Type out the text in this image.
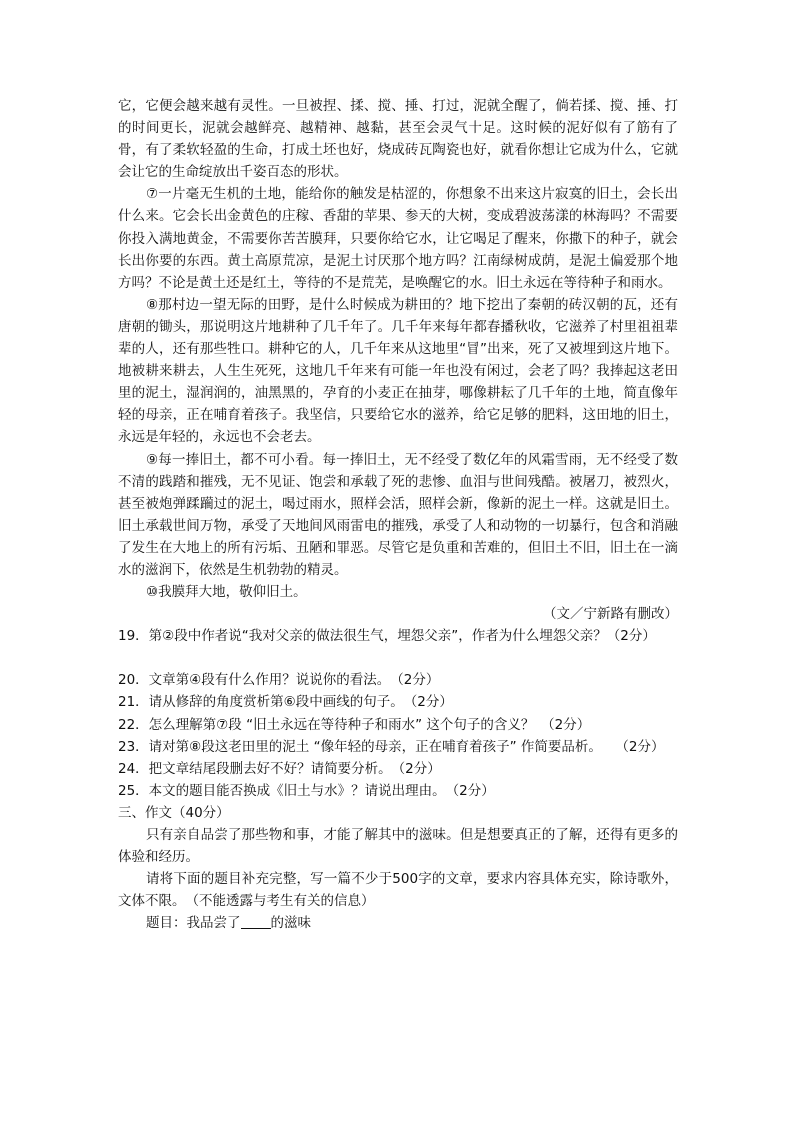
它，它便会越来越有灵性。一旦被捏、揉、搅、捶、打过，泥就全醒了，倘若揉、搅、捶、打的时间更长，泥就会越鲜亮、越精神、越黏，甚至会灵气十足。这时候的泥好似有了筋有了骨，有了柔软轻盈的生命，打成土坯也好，烧成砖瓦陶瓷也好，就看你想让它成为什么，它就会让它的生命绽放出千姿百态的形状。

⑦一片毫无生机的土地，能给你的触发是枯涩的，你想象不出来这片寂寞的旧土，会长出什么来。它会长出金黄色的庄稼、香甜的苹果、参天的大树，变成碧波荡漾的林海吗？不需要你投入满地黄金，不需要你苦苦膜拜，只要你给它水，让它喝足了醒来，你撒下的种子，就会长出你要的东西。黄土高原荒凉，是泥土讨厌那个地方吗？江南绿树成荫，是泥土偏爱那个地方吗？不论是黄土还是红土，等待的不是荒芜，是唤醒它的水。旧土永远在等待种子和雨水。

⑧那村边一望无际的田野，是什么时候成为耕田的？地下挖出了秦朝的砖汉朝的瓦，还有唐朝的锄头，那说明这片地耕种了几千年了。几千年来每年都春播秋收，它滋养了村里祖祖辈辈的人，还有那些牲口。耕种它的人，几千年来从这地里“冒”出来，死了又被埋到这片地下。地被耕来耕去，人生生死死，这地几千年来有可能一年也没有闲过，会老了吗？我捧起这老田里的泥土，湿润润的，油黑黑的，孕育的小麦正在抽芽，哪像耕耘了几千年的土地，简直像年轻的母亲，正在哺育着孩子。我坚信，只要给它水的滋养，给它足够的肥料，这田地的旧土，永远是年轻的，永远也不会老去。

⑨每一捧旧土，都不可小看。每一捧旧土，无不经受了数亿年的风霜雪雨，无不经受了数不清的践踏和摧残，无不见证、饱尝和承载了死的悲惨、血泪与世间残酷。被屠刀，被烈火，甚至被炮弹蹂躏过的泥土，喝过雨水，照样会活，照样会新，像新的泥土一样。这就是旧土。旧土承载世间万物，承受了天地间风雨雷电的摧残，承受了人和动物的一切暴行，包含和消融了发生在大地上的所有污垢、丑陋和罪恶。尽管它是负重和苦难的，但旧土不旧，旧土在一滴水的滋润下，依然是生机勃勃的精灵。

⑩我膜拜大地，敬仰旧土。

（文／宁新路有删改）

19．第②段中作者说“我对父亲的做法很生气，埋怨父亲”，作者为什么埋怨父亲？（2分）

20．文章第④段有什么作用？说说你的看法。　（2分）

21．请从修辞的角度赏析第⑥段中画线的句子。　（2分）

22．怎么理解第⑦段 “旧土永远在等待种子和雨水” 这个句子的含义？　（2分）

23．请对第⑧段这老田里的泥土 “像年轻的母亲，正在哺育着孩子” 作简要品析。　　（2分）

24．把文章结尾段删去好不好？请简要分析。　（2分）

25．本文的题目能否换成《旧土与水》？请说出理由。　（2分）

三、作文（40分）

只有亲自品尝了那些物和事，才能了解其中的滋味。但是想要真正的了解，还得有更多的体验和经历。

请将下面的题目补充完整，写一篇不少于500字的文章，要求内容具体充实，除诗歌外，文体不限。　（不能透露与考生有关的信息）

题目：我品尝了 的滋味
